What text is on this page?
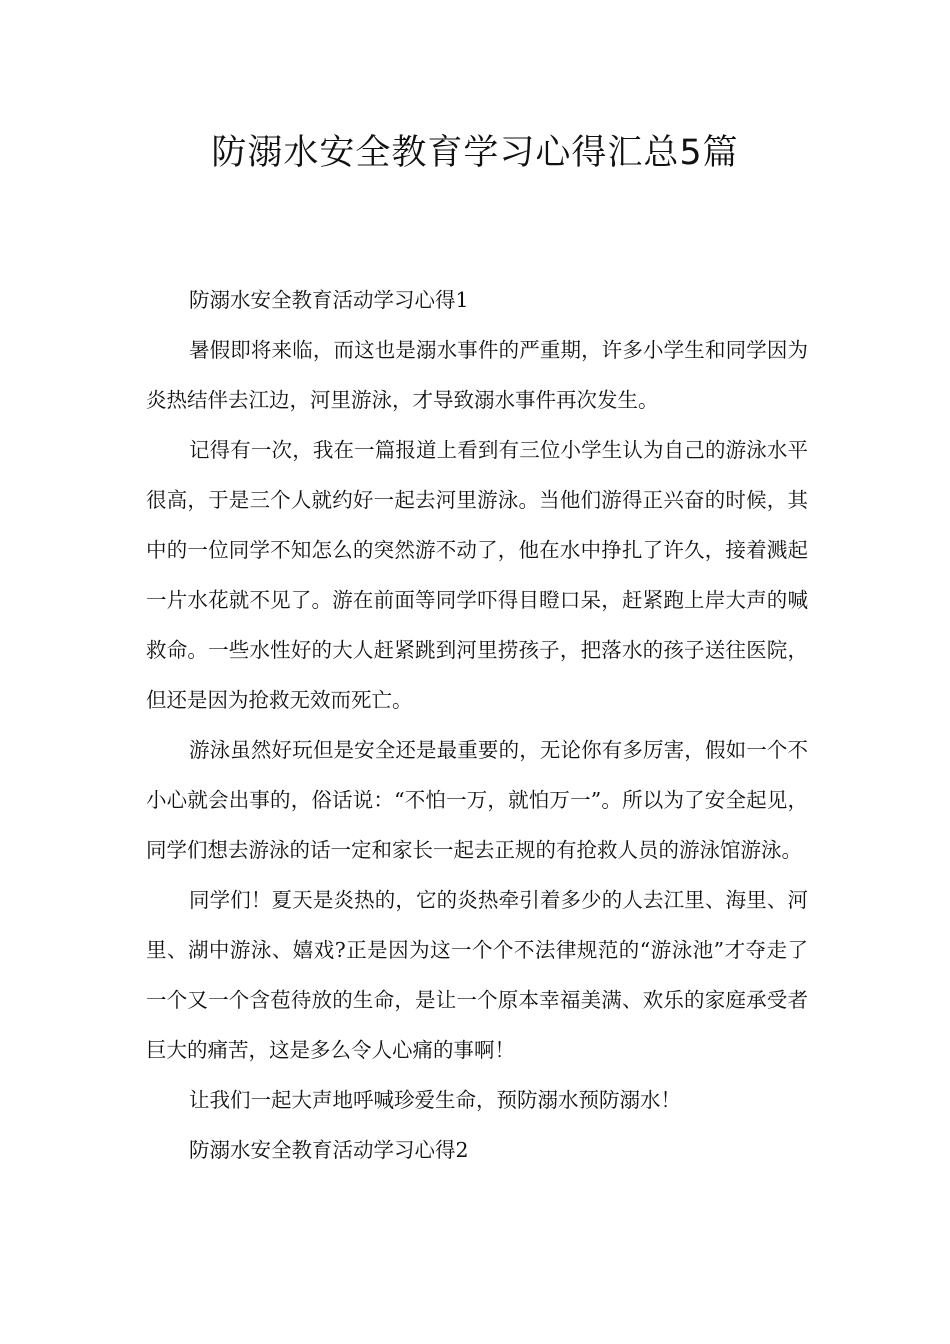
防溺水安全教育学习心得汇总5篇

防溺水安全教育活动学习心得1

暑假即将来临，而这也是溺水事件的严重期，许多小学生和同学因为炎热结伴去江边，河里游泳，才导致溺水事件再次发生。

记得有一次，我在一篇报道上看到有三位小学生认为自己的游泳水平很高，于是三个人就约好一起去河里游泳。当他们游得正兴奋的时候，其中的一位同学不知怎么的突然游不动了，他在水中挣扎了许久，接着溅起一片水花就不见了。游在前面等同学吓得目瞪口呆，赶紧跑上岸大声的喊救命。一些水性好的大人赶紧跳到河里捞孩子，把落水的孩子送往医院，但还是因为抢救无效而死亡。

游泳虽然好玩但是安全还是最重要的，无论你有多厉害，假如一个不小心就会出事的，俗话说：“不怕一万，就怕万一”。所以为了安全起见，同学们想去游泳的话一定和家长一起去正规的有抢救人员的游泳馆游泳。

同学们！夏天是炎热的，它的炎热牵引着多少的人去江里、海里、河里、湖中游泳、嬉戏?正是因为这一个个不法律规范的“游泳池”才夺走了一个又一个含苞待放的生命，是让一个原本幸福美满、欢乐的家庭承受者巨大的痛苦，这是多么令人心痛的事啊！

让我们一起大声地呼喊珍爱生命，预防溺水预防溺水！

防溺水安全教育活动学习心得2
